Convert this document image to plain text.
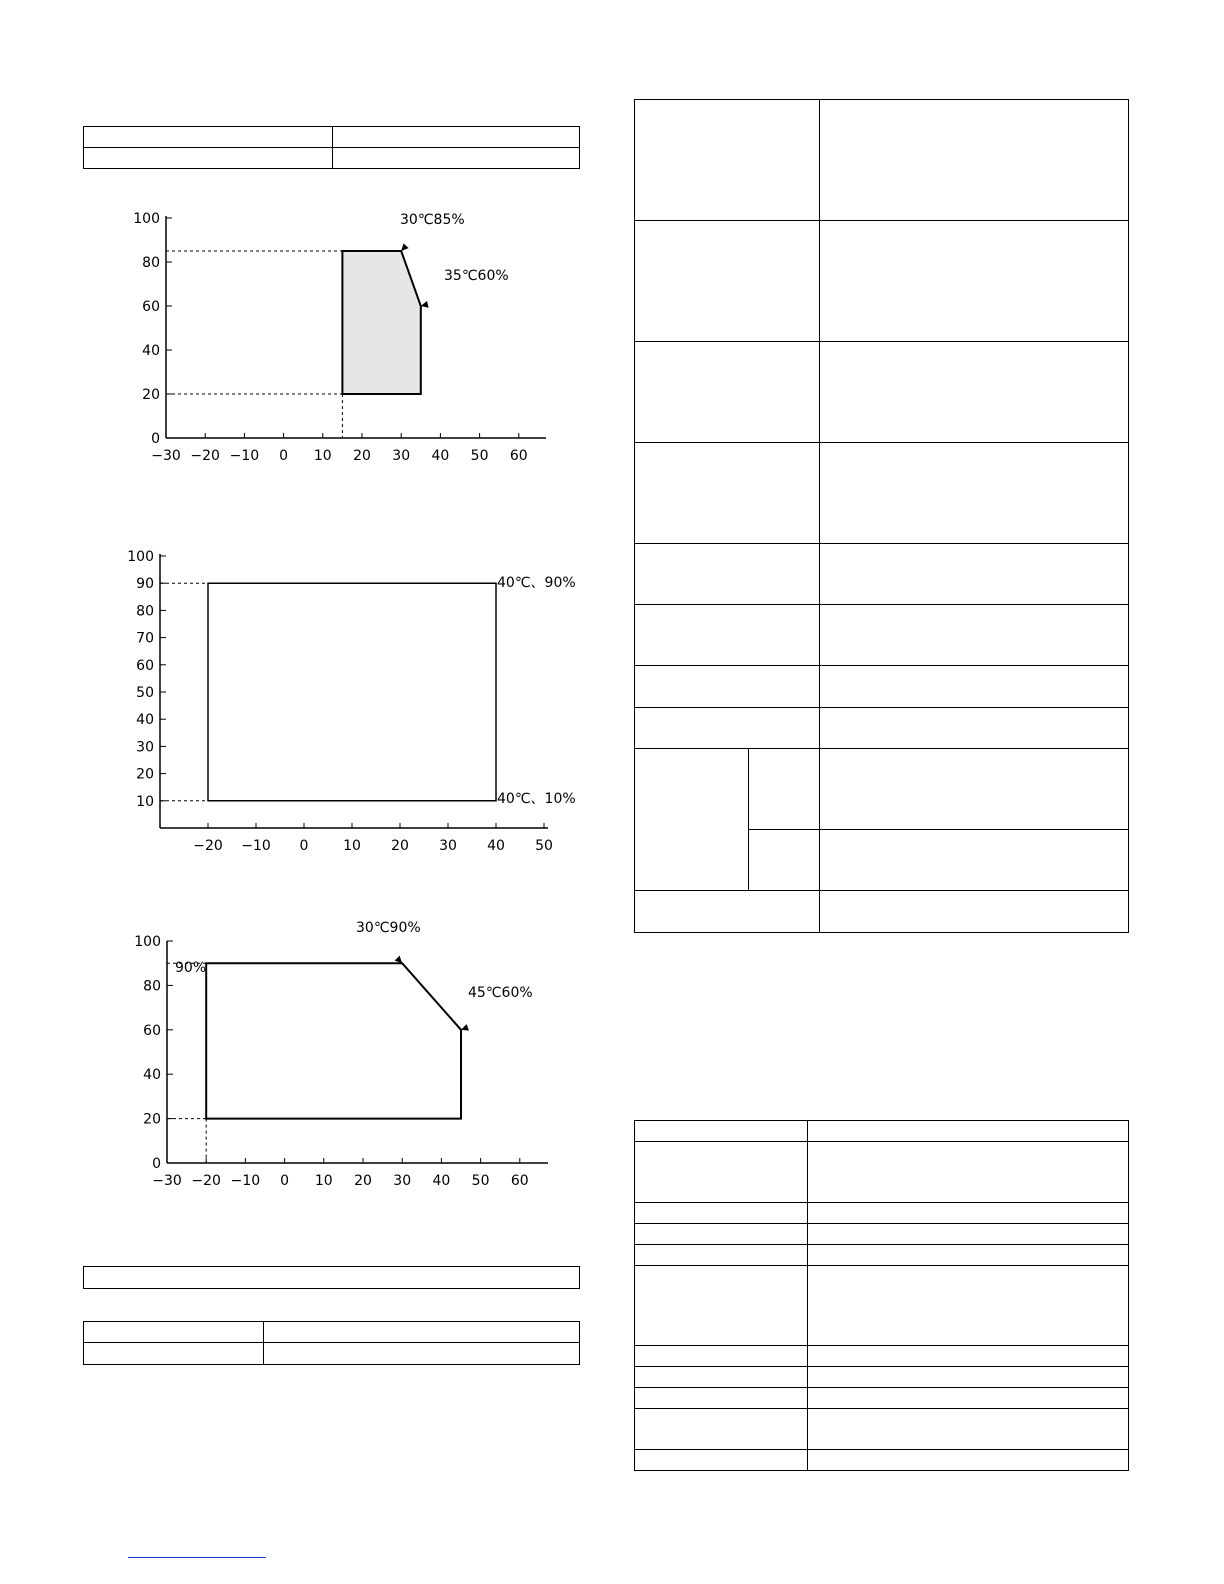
−30 −20 −10 0 10 20 30 40 50 60
0
20
40
60
80
100	30℃85%
35℃60%
−20 −10 0 10 20 30 40 50
10
20
30
40
50
60
70
80
90
100
40℃、90%
40℃、10%
−30 −20 −10 0 10 20 30 40 50 60
0
20
40
60
80
100
30℃90%
45℃60%
90%
